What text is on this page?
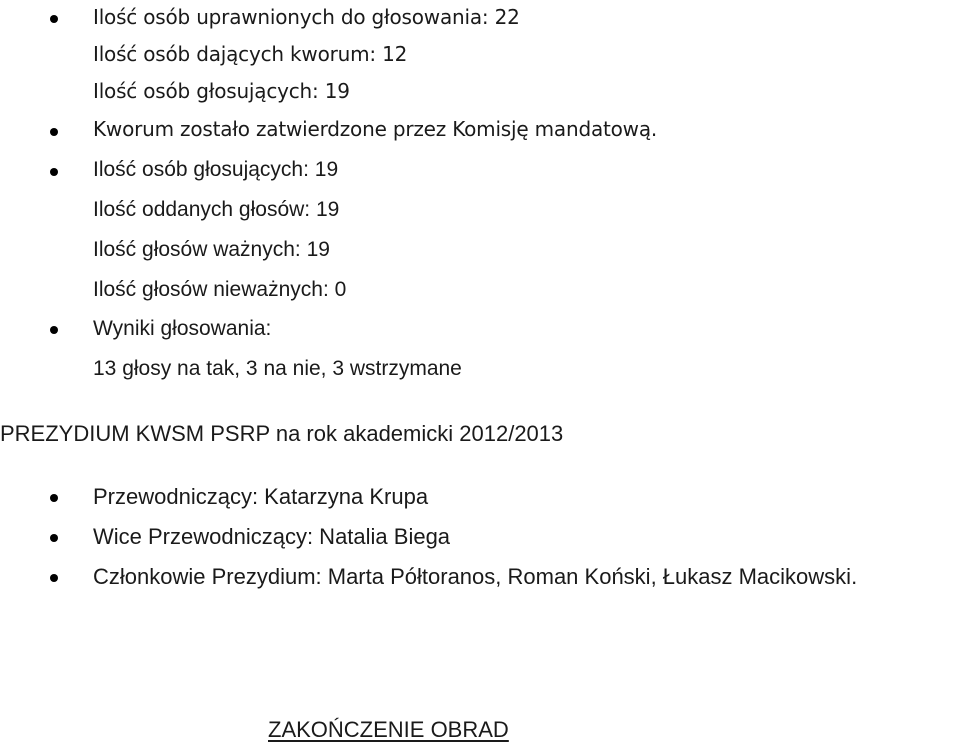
Ilość osób uprawnionych do głosowania: 22
Ilość osób dających kworum: 12
Ilość osób głosujących: 19
Kworum zostało zatwierdzone przez Komisję mandatową.
Ilość osób głosujących: 19
Ilość oddanych głosów: 19
Ilość głosów ważnych: 19
Ilość głosów nieważnych: 0
Wyniki głosowania:
13 głosy na tak, 3 na nie, 3 wstrzymane
PREZYDIUM KWSM PSRP na rok akademicki 2012/2013
Przewodniczący: Katarzyna Krupa
Wice Przewodniczący: Natalia Biega
Członkowie Prezydium: Marta Półtoranos, Roman Koński, Łukasz Macikowski.
ZAKOŃCZENIE OBRAD
